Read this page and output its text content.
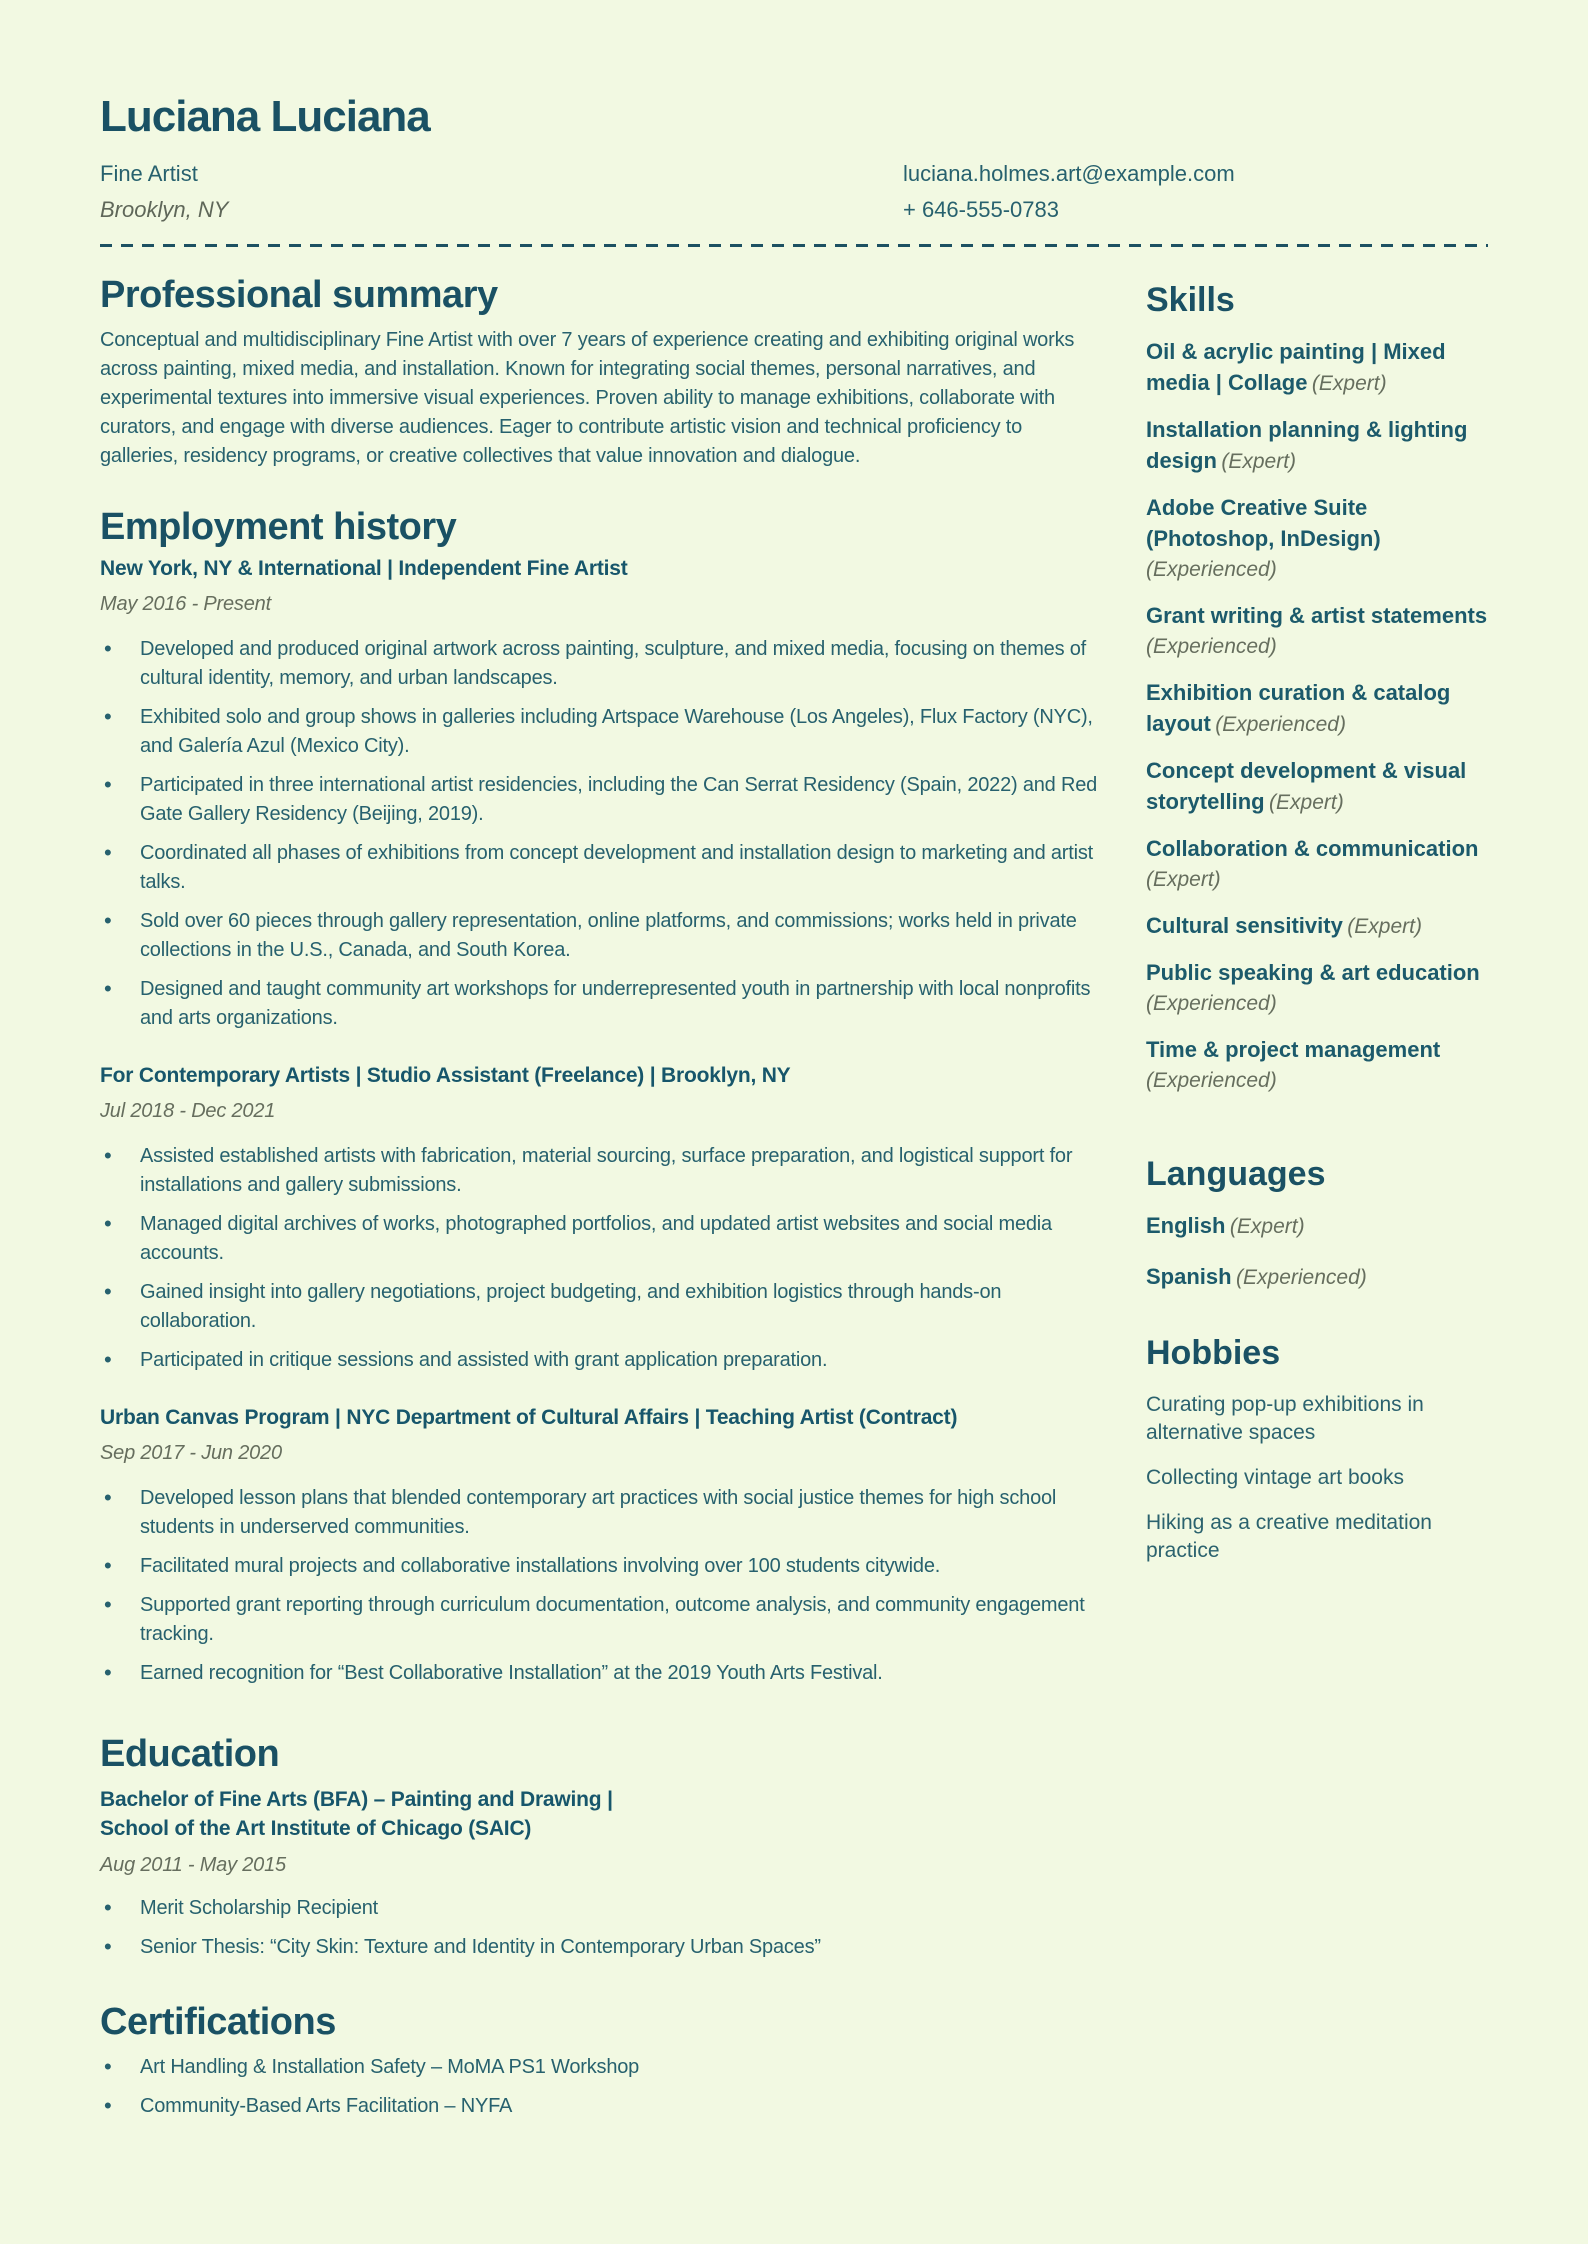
Luciana Luciana
Fine Artist
Brooklyn, NY
luciana.holmes.art@example.com
+ 646-555-0783
Professional summary

Conceptual and multidisciplinary Fine Artist with over 7 years of experience creating and exhibiting original works across painting, mixed media, and installation. Known for integrating social themes, personal narratives, and experimental textures into immersive visual experiences. Proven ability to manage exhibitions, collaborate with curators, and engage with diverse audiences. Eager to contribute artistic vision and technical proficiency to galleries, residency programs, or creative collectives that value innovation and dialogue.

Employment history
New York, NY & International | Independent Fine Artist
May 2016 - Present
• Developed and produced original artwork across painting, sculpture, and mixed media, focusing on themes of cultural identity, memory, and urban landscapes.
• Exhibited solo and group shows in galleries including Artspace Warehouse (Los Angeles), Flux Factory (NYC), and Galería Azul (Mexico City).
• Participated in three international artist residencies, including the Can Serrat Residency (Spain, 2022) and Red Gate Gallery Residency (Beijing, 2019).
• Coordinated all phases of exhibitions from concept development and installation design to marketing and artist talks.
• Sold over 60 pieces through gallery representation, online platforms, and commissions; works held in private collections in the U.S., Canada, and South Korea.
• Designed and taught community art workshops for underrepresented youth in partnership with local nonprofits and arts organizations.
For Contemporary Artists | Studio Assistant (Freelance) | Brooklyn, NY
Jul 2018 - Dec 2021
• Assisted established artists with fabrication, material sourcing, surface preparation, and logistical support for installations and gallery submissions.
• Managed digital archives of works, photographed portfolios, and updated artist websites and social media accounts.
• Gained insight into gallery negotiations, project budgeting, and exhibition logistics through hands-on collaboration.
• Participated in critique sessions and assisted with grant application preparation.
Urban Canvas Program | NYC Department of Cultural Affairs | Teaching Artist (Contract)
Sep 2017 - Jun 2020
• Developed lesson plans that blended contemporary art practices with social justice themes for high school students in underserved communities.
• Facilitated mural projects and collaborative installations involving over 100 students citywide.
• Supported grant reporting through curriculum documentation, outcome analysis, and community engagement tracking.
• Earned recognition for “Best Collaborative Installation” at the 2019 Youth Arts Festival.
Education
Bachelor of Fine Arts (BFA) – Painting and Drawing |
School of the Art Institute of Chicago (SAIC)
Aug 2011 - May 2015
• Merit Scholarship Recipient
• Senior Thesis: “City Skin: Texture and Identity in Contemporary Urban Spaces”
Certifications
• Art Handling & Installation Safety – MoMA PS1 Workshop
• Community-Based Arts Facilitation – NYFA
Skills
Oil & acrylic painting | Mixed media | Collage (Expert)
Installation planning & lighting design (Expert)
Adobe Creative Suite (Photoshop, InDesign) (Experienced)
Grant writing & artist statements (Experienced)
Exhibition curation & catalog layout (Experienced)
Concept development & visual storytelling (Expert)
Collaboration & communication (Expert)
Cultural sensitivity (Expert)
Public speaking & art education (Experienced)
Time & project management (Experienced)
Languages
English (Expert)
Spanish (Experienced)
Hobbies
Curating pop-up exhibitions in alternative spaces
Collecting vintage art books
Hiking as a creative meditation practice
